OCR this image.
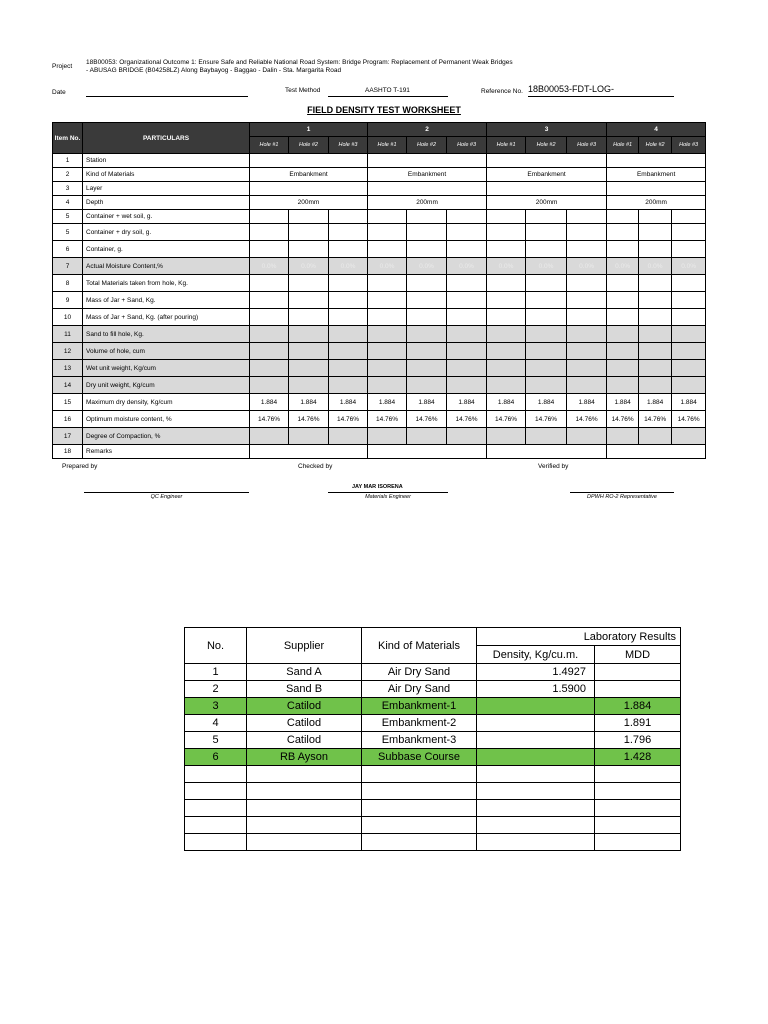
Project
18B00053: Organizational Outcome 1: Ensure Safe and Reliable National Road System: Bridge Program: Replacement of Permanent Weak Bridges
- ABUSAG BRIDGE (B04258LZ) Along Baybayog - Baggao - Dalin - Sta. Margarita Road
Date	Test Method	AASHTO T-191	Reference No. 18B00053-FDT-LOG-
FIELD DENSITY TEST WORKSHEET
Item No.	PARTICULARS	1			2			3			4		
		Hole #1	Hole #2	Hole #3	Hole #1	Hole #2	Hole #3	Hole #1	Hole #2	Hole #3	Hole #1	Hole #2	Hole #3
1	Station												
2	Kind of Materials	Embankment			Embankment			Embankment			Embankment		
3	Layer												
4	Depth	200mm			200mm			200mm			200mm		
5	Container + wet soil, g.												
5	Container + dry soil, g.												
6	Container, g.												
7	Actual Moisture Content,%	0.0%	0.0%	0.0%	0.0%	0.0%	0.0%	0.0%	0.0%	0.0%	0.0%	0.0%	0.0%
8	Total Materials taken from hole, Kg.												
9	Mass of Jar + Sand, Kg.												
10	Mass of Jar + Sand, Kg. (after pouring)												
11	Sand to fill hole, Kg.												
12	Volume of hole, cum												
13	Wet unit weight, Kg/cum												
14	Dry unit weight, Kg/cum												
15	Maximum dry density, Kg/cum	1.884	1.884	1.884	1.884	1.884	1.884	1.884	1.884	1.884	1.884	1.884	1.884
16	Optimum moisture content, %	14.76%	14.76%	14.76%	14.76%	14.76%	14.76%	14.76%	14.76%	14.76%	14.76%	14.76%	14.76%
17	Degree of Compaction, %												
18	Remarks												
Prepared by	Checked by	Verified by
JAY MAR ISORENA
QC Engineer	Materials Engineer	DPWH RO-2 Representative
No.	Supplier	Kind of Materials	Laboratory Results	
			Density, Kg/cu.m.	MDD
1	Sand A	Air Dry Sand	1.4927	
2	Sand B	Air Dry Sand	1.5900	
3	Catilod	Embankment-1		1.884
4	Catilod	Embankment-2		1.891
5	Catilod	Embankment-3		1.796
6	RB Ayson	Subbase Course		1.428
